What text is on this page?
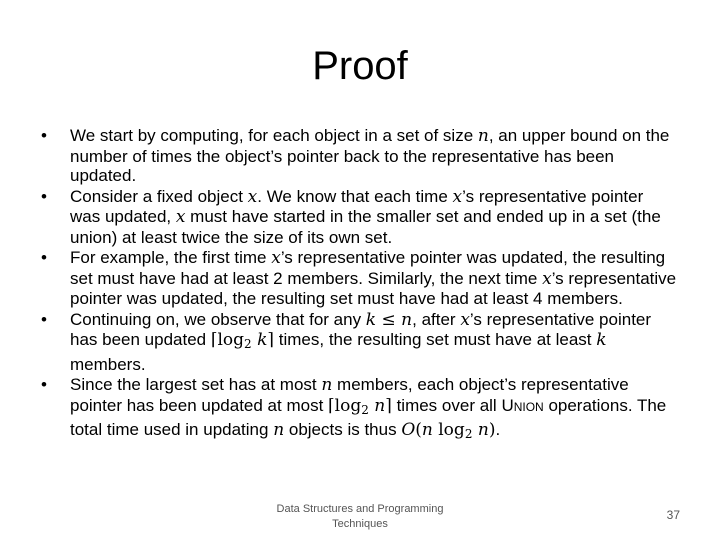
Proof
• We start by computing, for each object in a set of size n, an upper bound on the number of times the object’s pointer back to the representative has been updated.
• Consider a fixed object x. We know that each time x’s representative pointer was updated, x must have started in the smaller set and ended up in a set (the union) at least twice the size of its own set.
• For example, the first time x’s representative pointer was updated, the resulting set must have had at least 2 members. Similarly, the next time x’s representative pointer was updated, the resulting set must have had at least 4 members.
• Continuing on, we observe that for any k ≤ n, after x’s representative pointer has been updated $⌈\log_2$ k⌉ times, the resulting set must have at least k members.
• Since the largest set has at most n members, each object’s representative pointer has been updated at most $⌈\log_2$ n⌉ times over all Union operations. The total time used in updating n objects is thus O(n $\log_2 n$).
Data Structures and Programming
Techniques
37
